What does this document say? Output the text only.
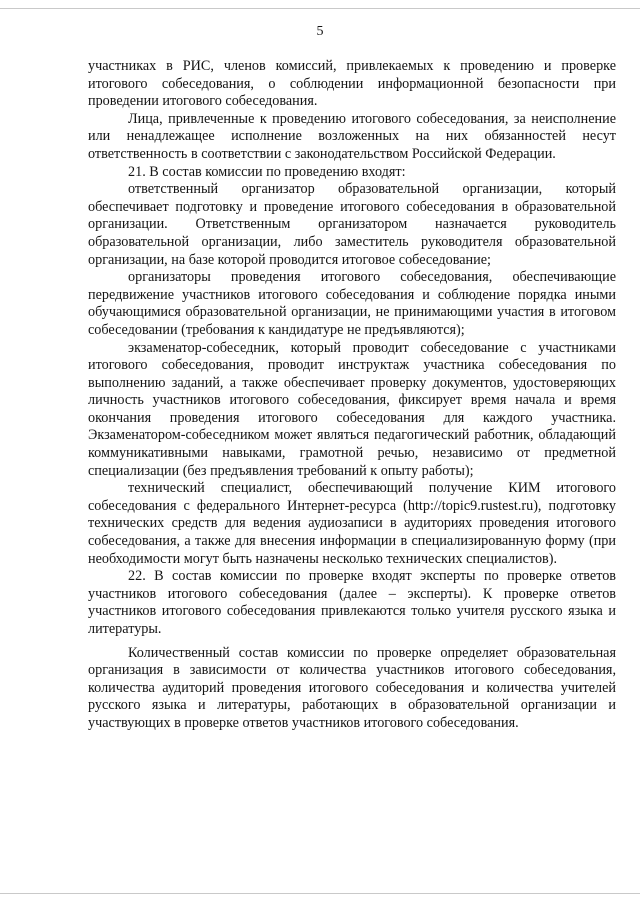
5

участниках в РИС, членов комиссий, привлекаемых к проведению и проверке итогового собеседования, о соблюдении информационной безопасности при проведении итогового собеседования.

Лица, привлеченные к проведению итогового собеседования, за неисполнение или ненадлежащее исполнение возложенных на них обязанностей несут ответственность в соответствии с законодательством Российской Федерации.

21. В состав комиссии по проведению входят:

ответственный организатор образовательной организации, который обеспечивает подготовку и проведение итогового собеседования в образовательной организации. Ответственным организатором назначается руководитель образовательной организации, либо заместитель руководителя образовательной организации, на базе которой проводится итоговое собеседование;

организаторы проведения итогового собеседования, обеспечивающие передвижение участников итогового собеседования и соблюдение порядка иными обучающимися образовательной организации, не принимающими участия в итоговом собеседовании (требования к кандидатуре не предъявляются);

экзаменатор-собеседник, который проводит собеседование с участниками итогового собеседования, проводит инструктаж участника собеседования по выполнению заданий, а также обеспечивает проверку документов, удостоверяющих личность участников итогового собеседования, фиксирует время начала и время окончания проведения итогового собеседования для каждого участника. Экзаменатором-собеседником может являться педагогический работник, обладающий коммуникативными навыками, грамотной речью, независимо от предметной специализации (без предъявления требований к опыту работы);

технический специалист, обеспечивающий получение КИМ итогового собеседования с федерального Интернет-ресурса (http://topic9.rustest.ru), подготовку технических средств для ведения аудиозаписи в аудиториях проведения итогового собеседования, а также для внесения информации в специализированную форму (при необходимости могут быть назначены несколько технических специалистов).

22. В состав комиссии по проверке входят эксперты по проверке ответов участников итогового собеседования (далее – эксперты). К проверке ответов участников итогового собеседования привлекаются только учителя русского языка и литературы.

Количественный состав комиссии по проверке определяет образовательная организация в зависимости от количества участников итогового собеседования, количества аудиторий проведения итогового собеседования и количества учителей русского языка и литературы, работающих в образовательной организации и участвующих в проверке ответов участников итогового собеседования.
